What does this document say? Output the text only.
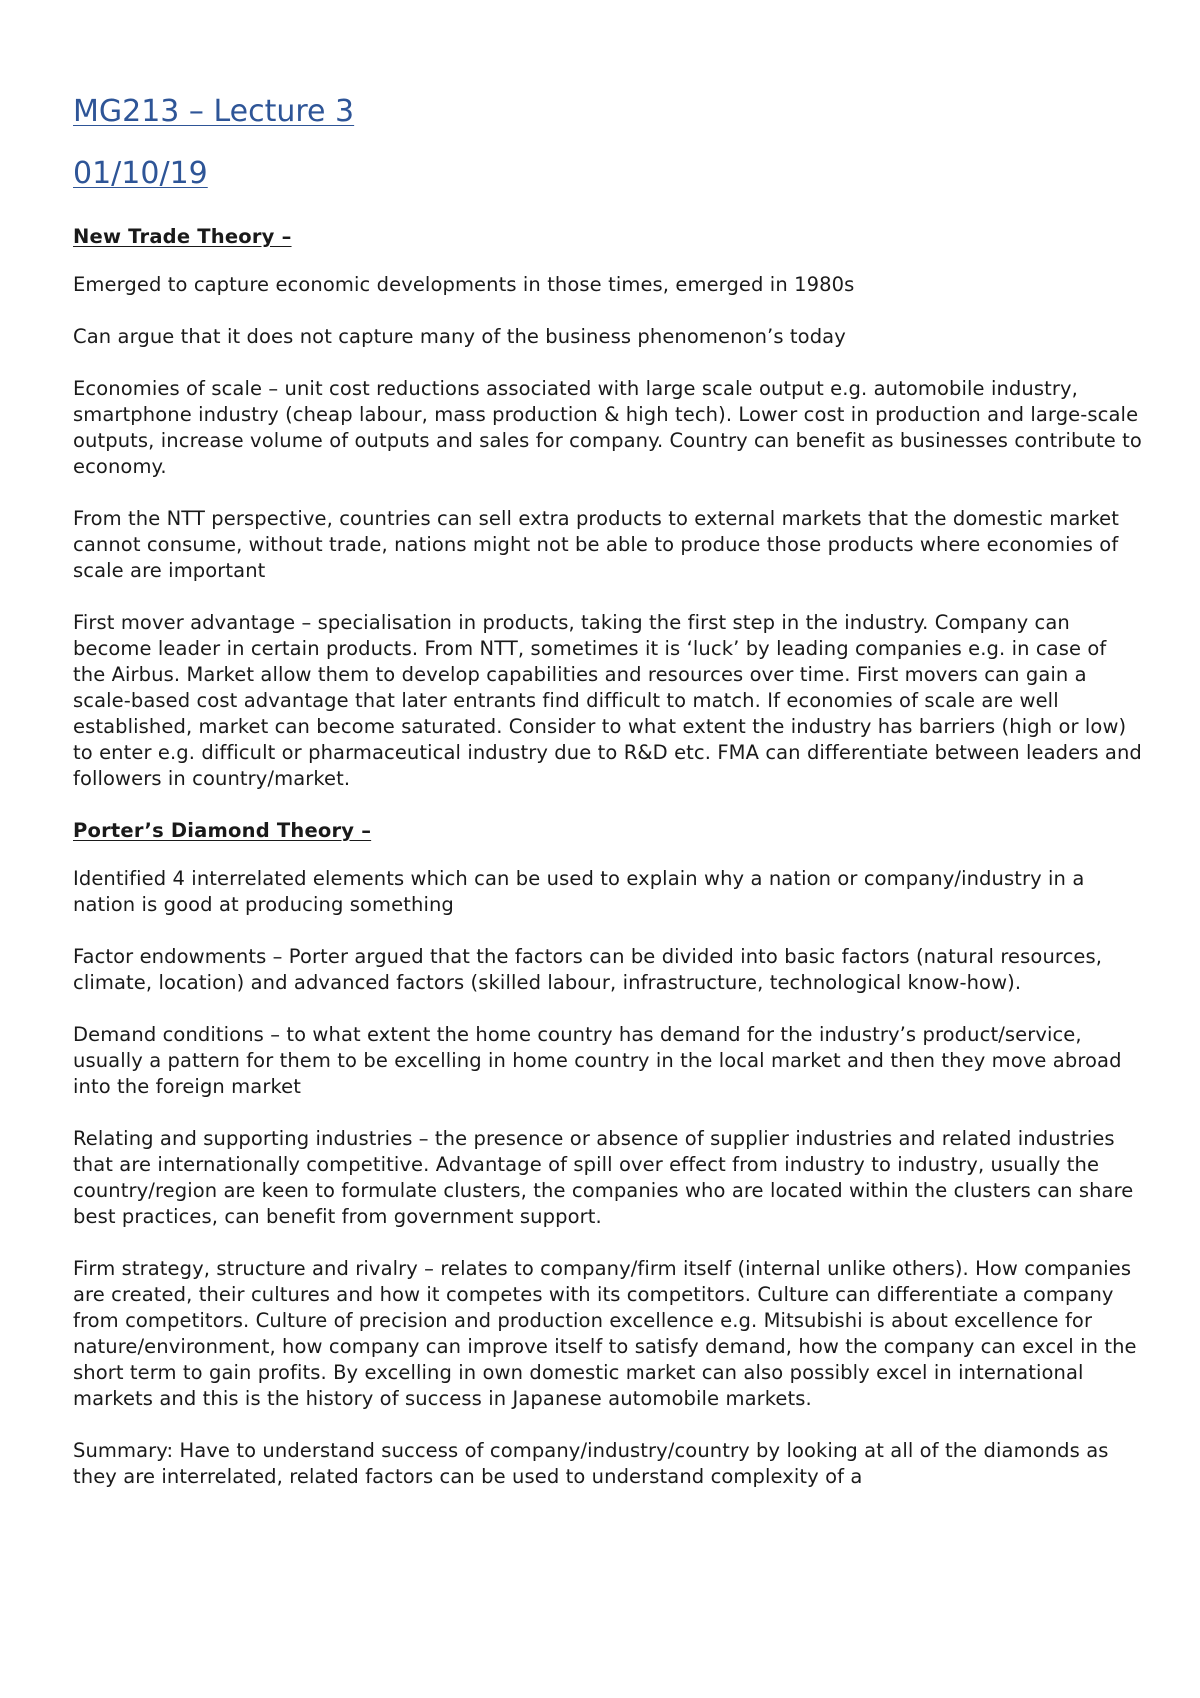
MG213 – Lecture 3
01/10/19
New Trade Theory –

Emerged to capture economic developments in those times, emerged in 1980s

Can argue that it does not capture many of the business phenomenon’s today

Economies of scale – unit cost reductions associated with large scale output e.g. automobile industry, smartphone industry (cheap labour, mass production & high tech). Lower cost in production and large-scale outputs, increase volume of outputs and sales for company. Country can benefit as businesses contribute to economy.

From the NTT perspective, countries can sell extra products to external markets that the domestic market cannot consume, without trade, nations might not be able to produce those products where economies of scale are important

First mover advantage – specialisation in products, taking the first step in the industry. Company can become leader in certain products. From NTT, sometimes it is ‘luck’ by leading companies e.g. in case of the Airbus. Market allow them to develop capabilities and resources over time. First movers can gain a scale-based cost advantage that later entrants find difficult to match. If economies of scale are well established, market can become saturated. Consider to what extent the industry has barriers (high or low) to enter e.g. difficult or pharmaceutical industry due to R&D etc. FMA can differentiate between leaders and followers in country/market.

Porter’s Diamond Theory –

Identified 4 interrelated elements which can be used to explain why a nation or company/industry in a nation is good at producing something

Factor endowments – Porter argued that the factors can be divided into basic factors (natural resources, climate, location) and advanced factors (skilled labour, infrastructure, technological know-how).

Demand conditions – to what extent the home country has demand for the industry’s product/service, usually a pattern for them to be excelling in home country in the local market and then they move abroad into the foreign market

Relating and supporting industries – the presence or absence of supplier industries and related industries that are internationally competitive. Advantage of spill over effect from industry to industry, usually the country/region are keen to formulate clusters, the companies who are located within the clusters can share best practices, can benefit from government support.

Firm strategy, structure and rivalry – relates to company/firm itself (internal unlike others). How companies are created, their cultures and how it competes with its competitors. Culture can differentiate a company from competitors. Culture of precision and production excellence e.g. Mitsubishi is about excellence for nature/environment, how company can improve itself to satisfy demand, how the company can excel in the short term to gain profits. By excelling in own domestic market can also possibly excel in international markets and this is the history of success in Japanese automobile markets.

Summary: Have to understand success of company/industry/country by looking at all of the diamonds as they are interrelated, related factors can be used to understand complexity of a
